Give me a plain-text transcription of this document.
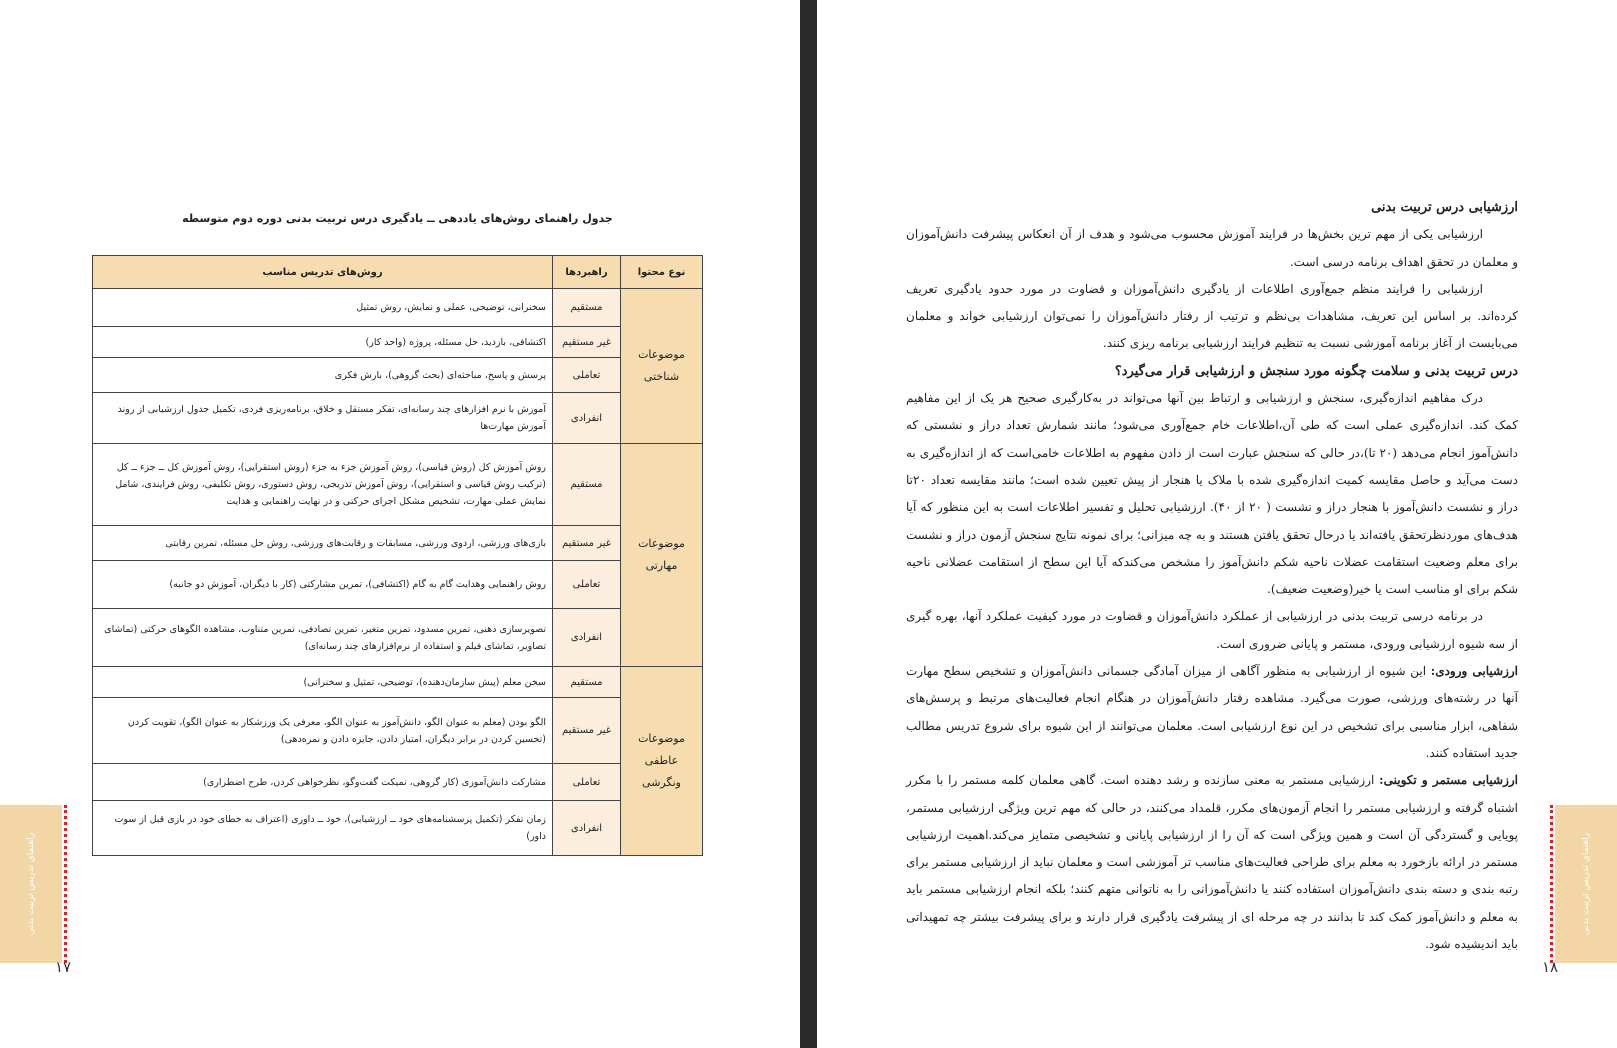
جدول راهنمای روش‌های یاددهی ــ یادگیری درس تربیت بدنی دوره دوم متوسطه
نوع محتوا	راهبردها	روش‌های تدریس مناسب
موضوعات شناختی	مستقیم	سخنرانی، توضیحی، عملی و نمایش، روش تمثیل
	غیر مستقیم	اکتشافی، بازدید، حل مسئله، پروژه (واحد کار)
	تعاملی	پرسش و پاسخ، مباحثه‌ای (بحث گروهی)، بارش فکری
	انفرادی	آموزش با نرم افزارهای چند رسانه‌ای، تفکر مستقل و خلاق، برنامه‌ریزی فردی، تکمیل جدول ارزشیابی از روند آموزش مهارت‌ها
موضوعات مهارتی	مستقیم	روش آموزش کل (روش قیاسی)، روش آموزش جزء به جزء (روش استقرایی)، روش آموزش کل ــ جزء ــ کل (ترکیب روش قیاسی و استقرایی)، روش آموزش تدریجی، روش دستوری، روش تکلیفی، روش فرایندی، شامل نمایش عملی مهارت، تشخیص مشکل اجرای حرکتی و در نهایت راهنمایی و هدایت
	غیر مستقیم	بازی‌های ورزشی، اردوی ورزشی، مسابقات و رقابت‌های ورزشی، روش حل مسئله، تمرین رقابتی
	تعاملی	روش راهنمایی وهدایت گام به گام (اکتشافی)، تمرین مشارکتی (کار با دیگران، آموزش دو جانبه)
	انفرادی	تصویرسازی ذهنی، تمرین مسدود، تمرین متغیر، تمرین تصادفی، تمرین متناوب، مشاهده الگوهای حرکتی (تماشای تصاویر، تماشای فیلم و استفاده از نرم‌افزارهای چند رسانه‌ای)
موضوعات عاطفی ونگرشی	مستقیم	سخن معلم (پیش سازمان‌دهنده)، توضیحی، تمثیل و سخنرانی)
	غیر مستقیم	الگو بودن (معلم به عنوان الگو، دانش‌آموز به عنوان الگو، معرفی یک ورزشکار به عنوان الگو)، تقویت کردن (تحسین کردن در برابر دیگران، امتیاز دادن، جایزه دادن و نمره‌دهی)
	تعاملی	مشارکت دانش‌آموزی (کار گروهی، نمیکت گفت‌وگو، نظرخواهی کردن، طرح اضطراری)
	انفرادی	زمان تفکر (تکمیل پرسشنامه‌های خود ــ ارزشیابی)، خود ــ داوری (اعتراف به خطای خود در بازی قبل از سوت داور)
راهنمای تدریس تربیت بدنی
۱۷
راهنمای تدریس تربیت بدنی
۱۸

ارزشیابی درس تربیت بدنی

ارزشیابی یکی از مهم ترین بخش‌ها در فرایند آموزش محسوب می‌شود و هدف از آن انعکاس پیشرفت دانش‌آموزان و معلمان در تحقق اهداف برنامه درسی است.

ارزشیابی را فرایند منظم جمع‌آوری اطلاعات از یادگیری دانش‌آموزان و قضاوت در مورد حدود یادگیری تعریف کرده‌اند. بر اساس این تعریف، مشاهدات بی‌نظم و ترتیب از رفتار دانش‌آموزان را نمی‌توان ارزشیابی خواند و معلمان می‌بایست از آغاز برنامه آموزشی نسبت به تنظیم فرایند ارزشیابی برنامه ریزی کنند.

درس تربیت بدنی و سلامت چگونه مورد سنجش و ارزشیابی قرار می‌گیرد؟

درک مفاهیم اندازه‌گیری، سنجش و ارزشیابی و ارتباط بین آنها می‌تواند در به‌کارگیری صحیح هر یک از این مفاهیم کمک کند. اندازه‌گیری عملی است که طی آن،اطلاعات خام جمع‌آوری می‌شود؛ مانند شمارش تعداد دراز و نشستی که دانش‌آموز انجام می‌دهد (۲۰ تا)،در حالی که سنجش عبارت است از دادن مفهوم به اطلاعات خامی‌است که از اندازه‌گیری به دست می‌آید و حاصل مقایسه کمیت اندازه‌گیری شده با ملاک یا هنجار از پیش تعیین شده است؛ مانند مقایسه تعداد ۲۰تا دراز و نشست دانش‌آموز با هنجار دراز و نشست ( ۲۰ از ۴۰). ارزشیابی تحلیل و تفسیر اطلاعات است به این منظور که آیا هدف‌های موردنظرتحقق یافته‌اند یا درحال تحقق یافتن هستند و به چه میزانی؛ برای نمونه نتایج سنجش آزمون دراز و نشست برای معلم وضعیت استقامت عضلات ناحیه شکم دانش‌آموز را مشخص می‌کندکه آیا این سطح از استقامت عضلانی ناحیه شکم برای او مناسب است یا خیر(وضعیت ضعیف).

در برنامه درسی تربیت بدنی در ارزشیابی از عملکرد دانش‌آموزان و قضاوت در مورد کیفیت عملکرد آنها، بهره گیری از سه شیوه ارزشیابی ورودی، مستمر و پایانی ضروری است.

ارزشیابی ورودی: این شیوه از ارزشیابی به منظور آگاهی از میزان آمادگی جسمانی دانش‌آموزان و تشخیص سطح مهارت آنها در رشته‌های ورزشی، صورت می‌گیرد. مشاهده رفتار دانش‌آموزان در هنگام انجام فعالیت‌های مرتبط و پرسش‌های شفاهی، ابزار مناسبی برای تشخیص در این نوع ارزشیابی است. معلمان می‌توانند از این شیوه برای شروع تدریس مطالب جدید استفاده کنند.

ارزشیابی مستمر و تکوینی: ارزشیابی مستمر به معنی سازنده و رشد دهنده است. گاهی معلمان کلمه مستمر را با مکرر اشتباه گرفته و ارزشیابی مستمر را انجام آزمون‌های مکرر، قلمداد می‌کنند، در حالی که مهم ترین ویژگی ارزشیابی مستمر، پویایی و گستردگی آن است و همین ویژگی است که آن را از ارزشیابی پایانی و تشخیصی متمایز می‌کند.اهمیت ارزشیابی مستمر در ارائه بازخورد به معلم برای طراحی فعالیت‌های مناسب تر آموزشی است و معلمان نباید از ارزشیابی مستمر برای رتبه بندی و دسته بندی دانش‌آموزان استفاده کنند یا دانش‌آموزانی را به ناتوانی متهم کنند؛ بلکه انجام ارزشیابی مستمر باید به معلم و دانش‌آموز کمک کند تا بدانند در چه مرحله ای از پیشرفت یادگیری قرار دارند و برای پیشرفت بیشتر چه تمهیداتی باید اندیشیده شود.
